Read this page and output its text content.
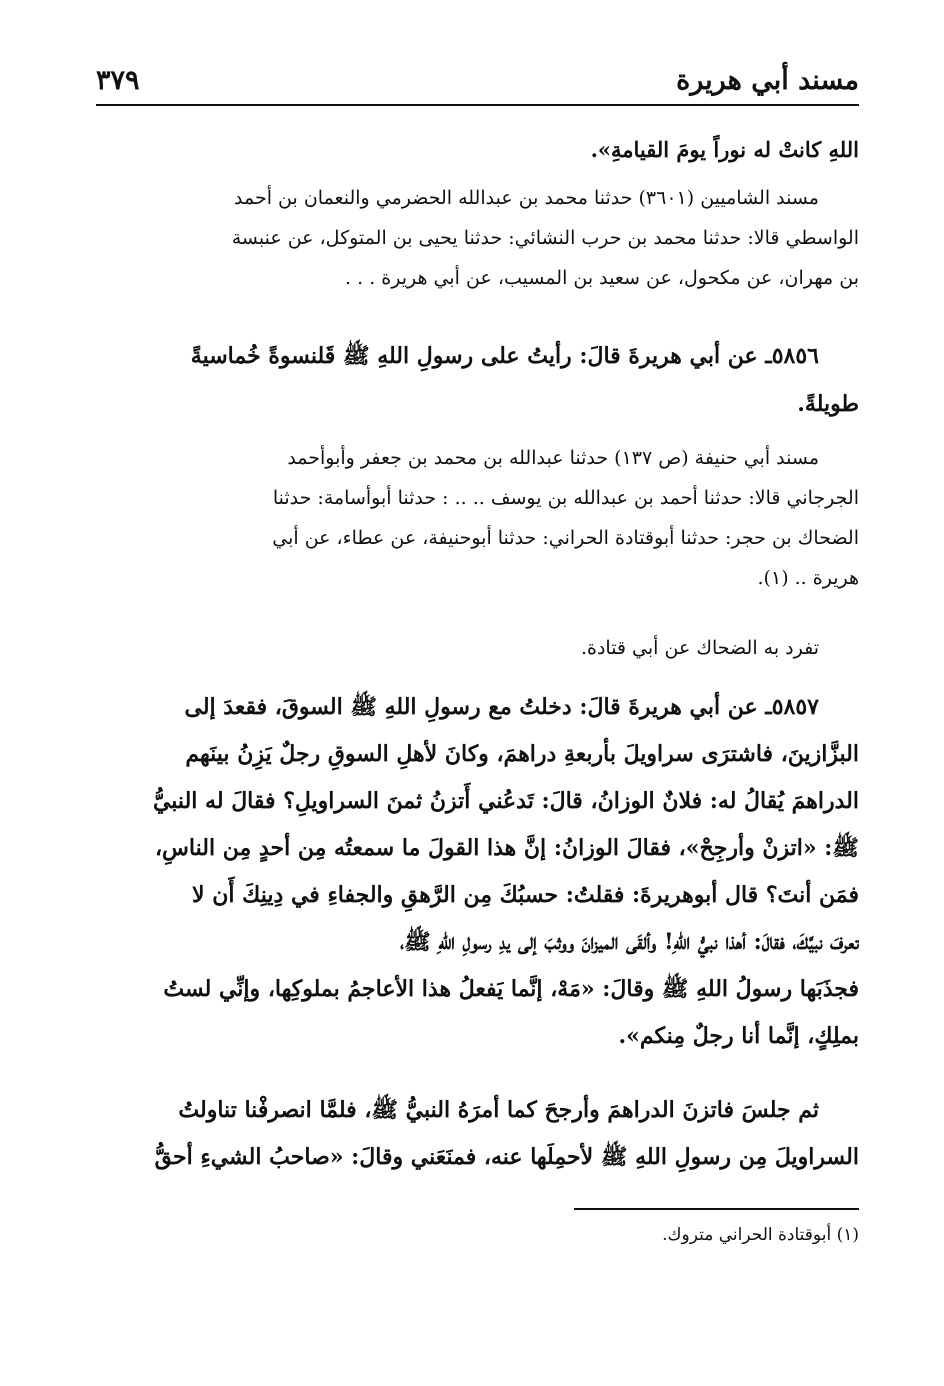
مسند أبي هريرة
٣٧٩
اللهِ كانتْ له نوراً يومَ القيامةِ».
مسند الشاميين (٣٦٠١) حدثنا محمد بن عبدالله الحضرمي والنعمان بن أحمد
الواسطي قالا: حدثنا محمد بن حرب النشائي: حدثنا يحيى بن المتوكل، عن عنبسة
بن مهران، عن مكحول، عن سعيد بن المسيب، عن أبي هريرة . . .
٥٨٥٦ـ عن أبي هريرةَ قالَ: رأيتُ على رسولِ اللهِ ﷺ قَلنسوةً خُماسيةً
طويلةً.
مسند أبي حنيفة (ص ١٣٧) حدثنا عبدالله بن محمد بن جعفر وأبوأحمد
الجرجاني قالا: حدثنا أحمد بن عبدالله بن يوسف .. .. : حدثنا أبوأسامة: حدثنا
الضحاك بن حجر: حدثنا أبوقتادة الحراني: حدثنا أبوحنيفة، عن عطاء، عن أبي
هريرة .. (١).
تفرد به الضحاك عن أبي قتادة.
٥٨٥٧ـ عن أبي هريرةَ قالَ: دخلتُ مع رسولِ اللهِ ﷺ السوقَ، فقعدَ إلى
البزَّازينَ، فاشترَى سراويلَ بأربعةِ دراهمَ، وكانَ لأهلِ السوقِ رجلٌ يَزِنُ بينَهم
الدراهمَ يُقالُ له: فلانٌ الوزانُ، قالَ: تَدعُني أَتزنُ ثمنَ السراويلِ؟ فقالَ له النبيُّ
ﷺ: «اتزنْ وأرجِحْ»، فقالَ الوزانُ: إنَّ هذا القولَ ما سمعتُه مِن أحدٍ مِن الناسِ،
فمَن أنتَ؟ قال أبوهريرةَ: فقلتُ: حسبُكَ مِن الرَّهقِ والجفاءِ في دِينِكَ أَن لا
تعرفَ نبيَّكَ، فقالَ: أهذا نبيُّ اللهِ! وألقَى الميزانَ ووثبَ إلى يدِ رسولِ اللهِ ﷺ،
فجذَبَها رسولُ اللهِ ﷺ وقالَ: «مَهْ، إنَّما يَفعلُ هذا الأعاجمُ بملوكِها، وإنِّي لستُ
بملِكٍ، إنَّما أنا رجلٌ مِنكم».
ثم جلسَ فاتزنَ الدراهمَ وأرجحَ كما أمرَهُ النبيُّ ﷺ، فلمَّا انصرفْنا تناولتُ
السراويلَ مِن رسولِ اللهِ ﷺ لأحمِلَها عنه، فمنَعَني وقالَ: «صاحبُ الشيءِ أحقُّ
(١) أبوقتادة الحراني متروك.
